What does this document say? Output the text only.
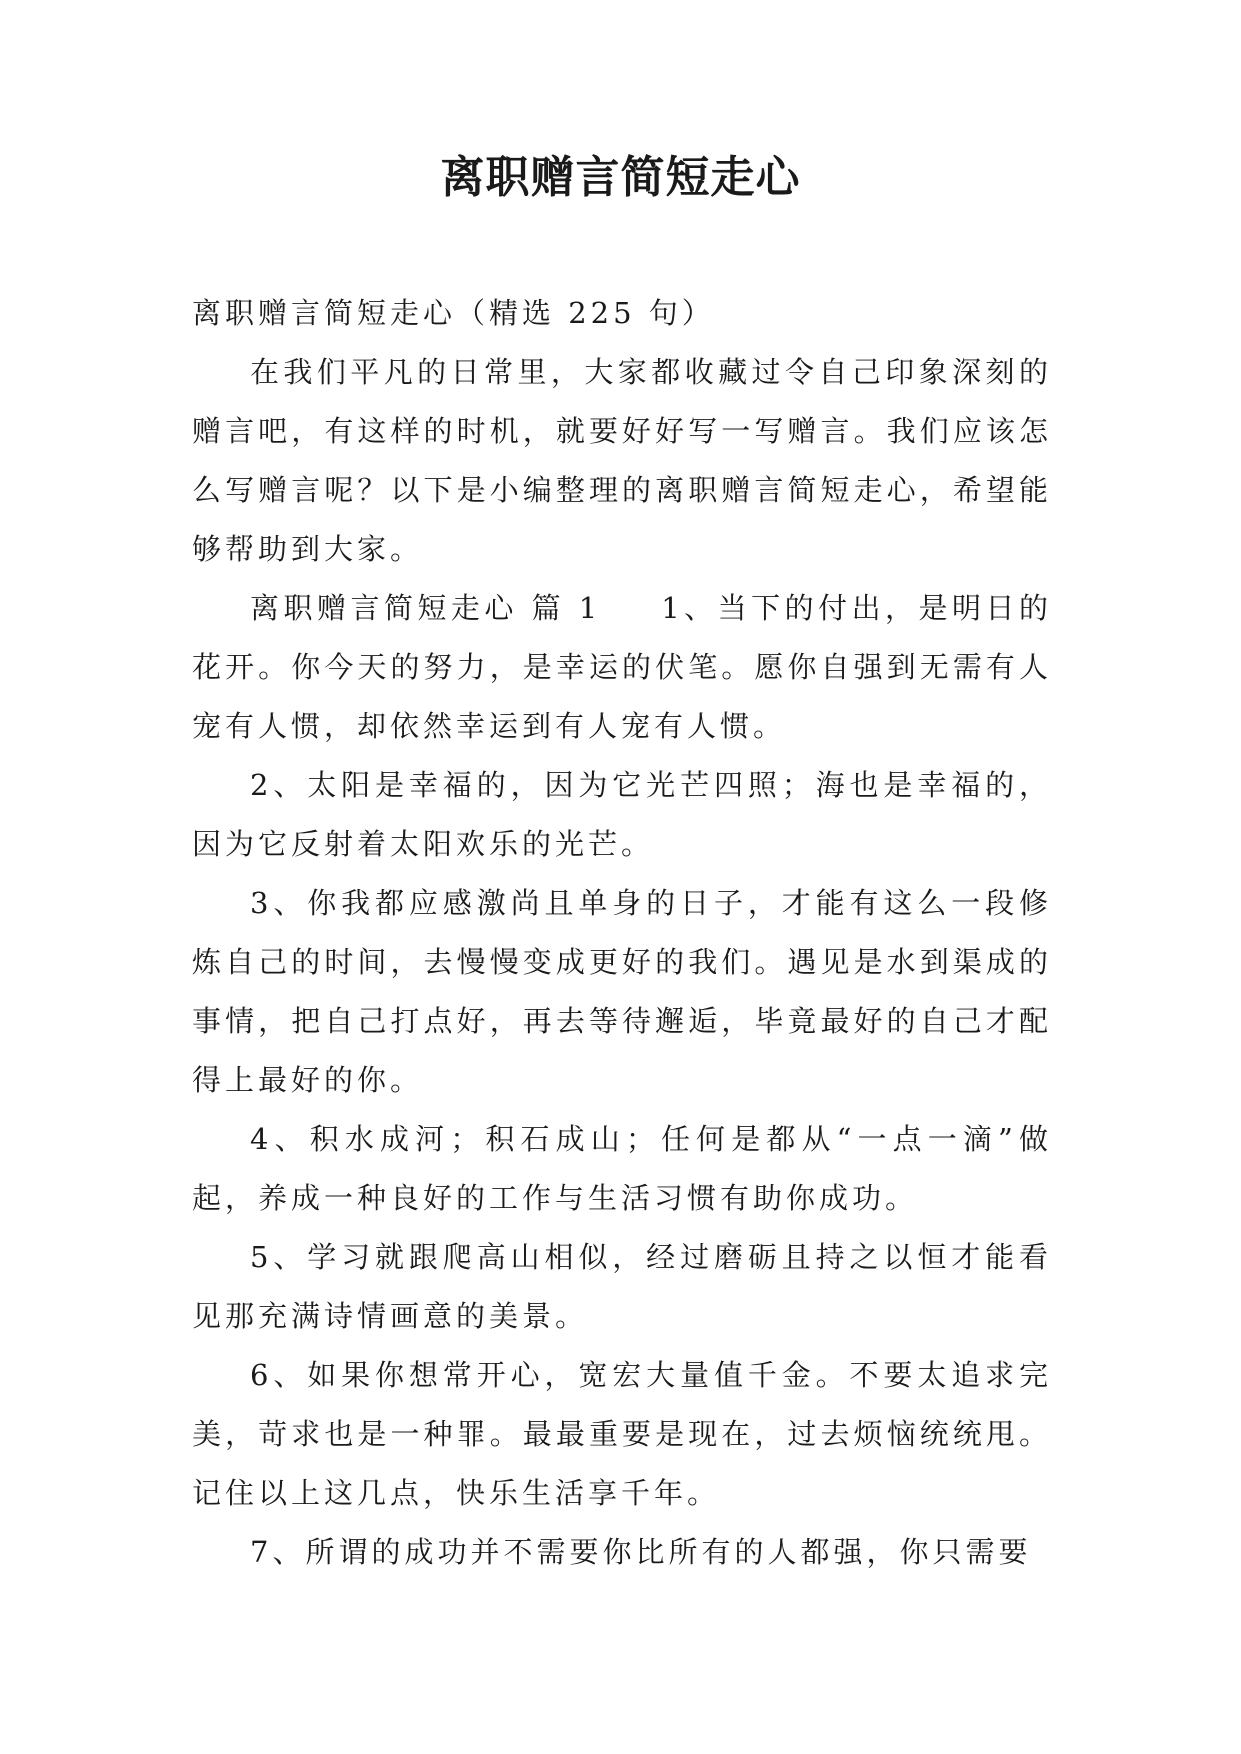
离职赠言简短走心

离职赠言简短走心（精选 225 句）

在我们平凡的日常里，大家都收藏过令自己印象深刻的赠言吧，有这样的时机，就要好好写一写赠言。我们应该怎么写赠言呢？以下是小编整理的离职赠言简短走心，希望能够帮助到大家。

离职赠言简短走心 篇 1 1、当下的付出，是明日的花开。你今天的努力，是幸运的伏笔。愿你自强到无需有人宠有人惯，却依然幸运到有人宠有人惯。

2、太阳是幸福的，因为它光芒四照；海也是幸福的，因为它反射着太阳欢乐的光芒。

3、你我都应感激尚且单身的日子，才能有这么一段修炼自己的时间，去慢慢变成更好的我们。遇见是水到渠成的事情，把自己打点好，再去等待邂逅，毕竟最好的自己才配得上最好的你。

4、积水成河；积石成山；任何是都从“一点一滴”做起，养成一种良好的工作与生活习惯有助你成功。

5、学习就跟爬高山相似，经过磨砺且持之以恒才能看见那充满诗情画意的美景。

6、如果你想常开心，宽宏大量值千金。不要太追求完美，苛求也是一种罪。最最重要是现在，过去烦恼统统甩。记住以上这几点，快乐生活享千年。

7、所谓的成功并不需要你比所有的人都强，你只需要
